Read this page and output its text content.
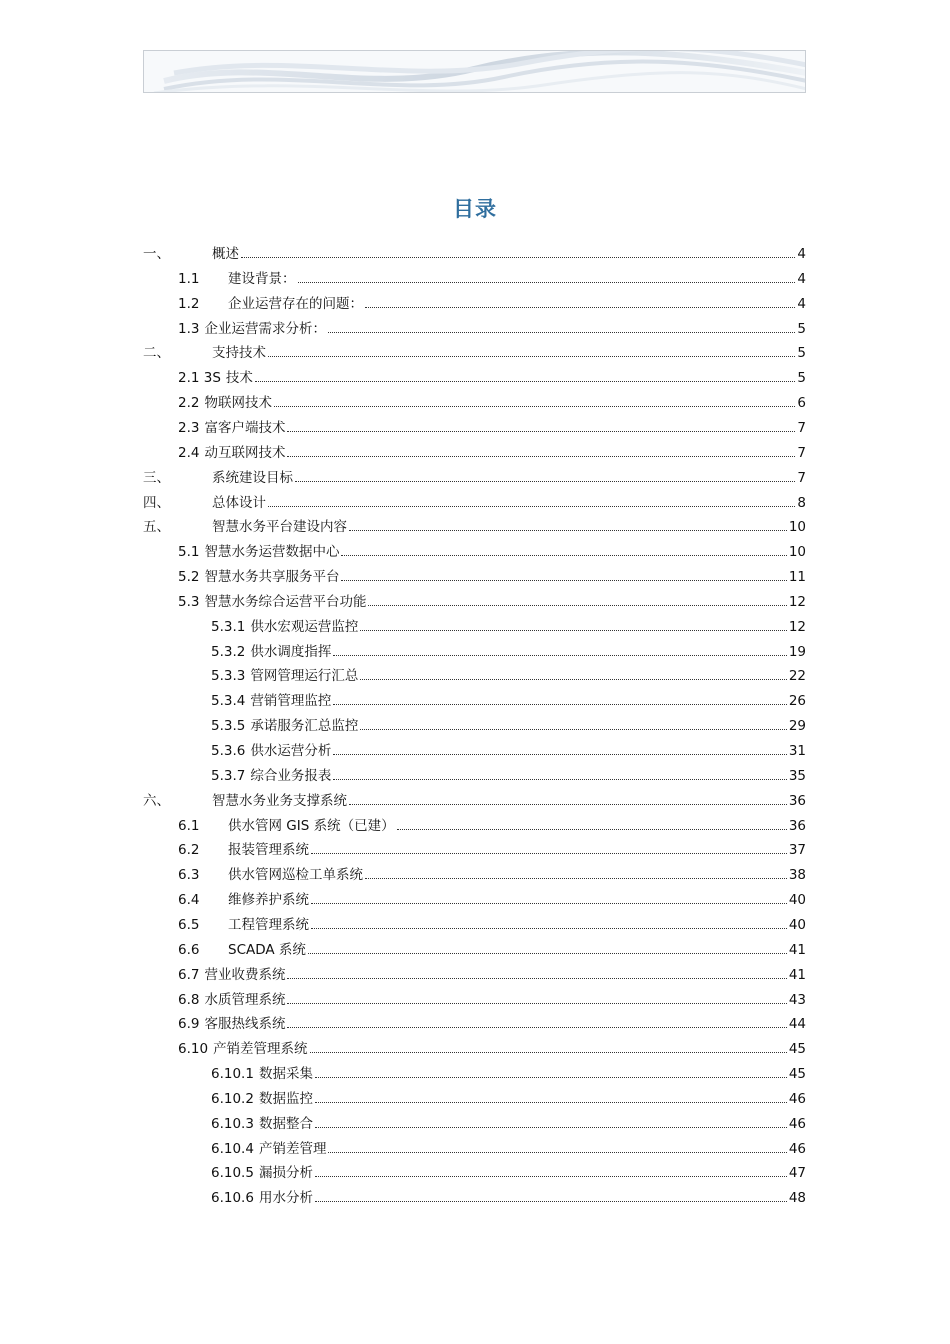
目录
一、	概述	4
1.1	建设背景：	4
1.2	企业运营存在的问题：	4
1.3 企业运营需求分析：	5
二、	支持技术	5
2.1 3S 技术	5
2.2 物联网技术	6
2.3 富客户端技术	7
2.4 动互联网技术	7
三、	系统建设目标	7
四、	总体设计	8
五、	智慧水务平台建设内容	10
5.1 智慧水务运营数据中心	10
5.2 智慧水务共享服务平台	11
5.3 智慧水务综合运营平台功能	12
5.3.1 供水宏观运营监控	12
5.3.2 供水调度指挥	19
5.3.3 管网管理运行汇总	22
5.3.4 营销管理监控	26
5.3.5 承诺服务汇总监控	29
5.3.6 供水运营分析	31
5.3.7 综合业务报表	35
六、	智慧水务业务支撑系统	36
6.1	供水管网 GIS 系统（已建）	36
6.2	报装管理系统	37
6.3	供水管网巡检工单系统	38
6.4	维修养护系统	40
6.5	工程管理系统	40
6.6	SCADA 系统	41
6.7 营业收费系统	41
6.8 水质管理系统	43
6.9 客服热线系统	44
6.10 产销差管理系统	45
6.10.1 数据采集	45
6.10.2 数据监控	46
6.10.3 数据整合	46
6.10.4 产销差管理	46
6.10.5 漏损分析	47
6.10.6 用水分析	48
